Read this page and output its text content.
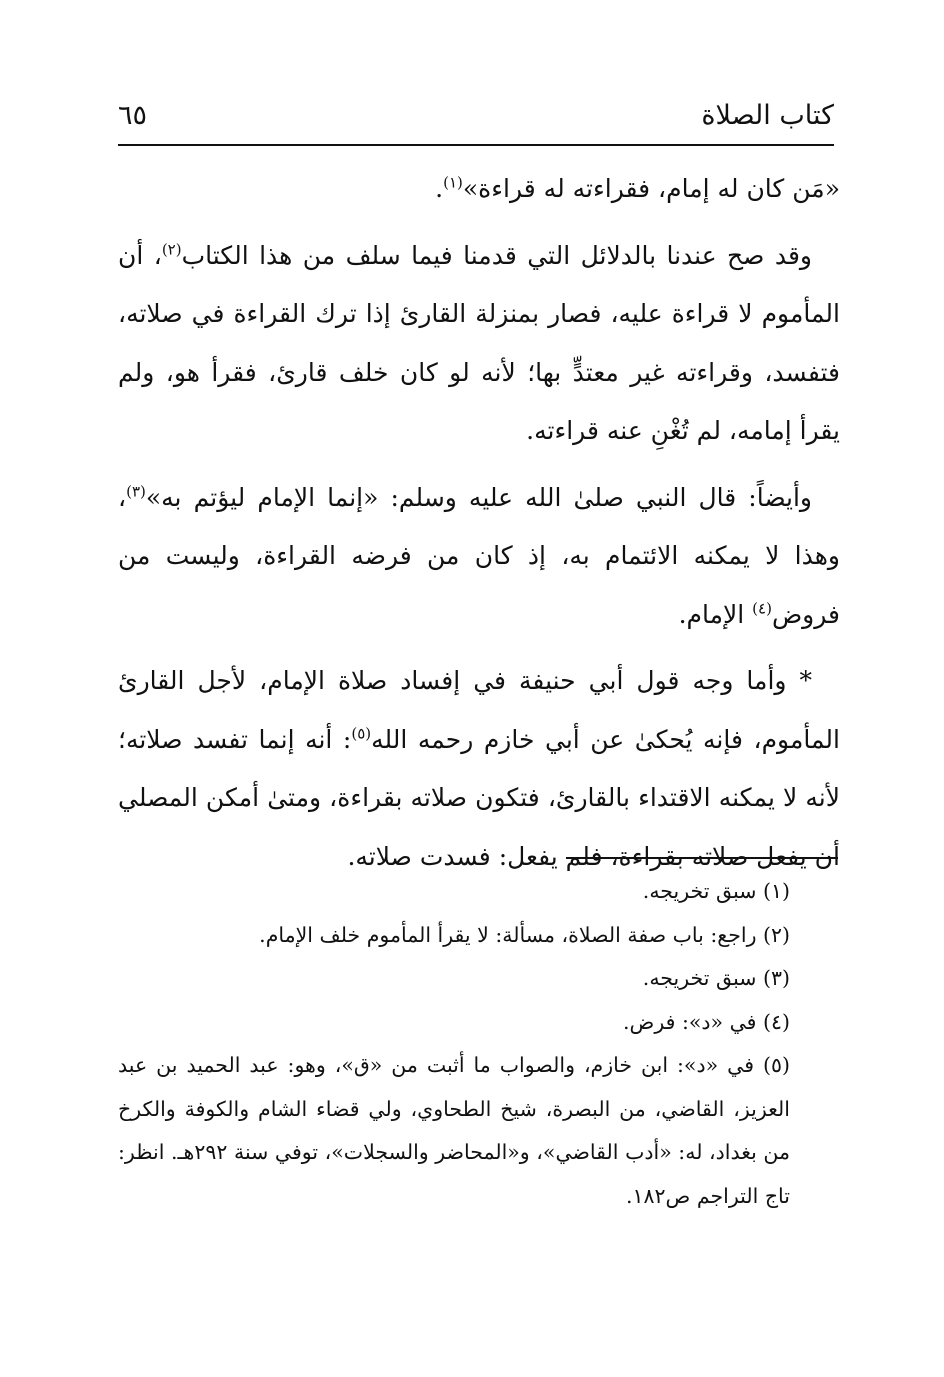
كتاب الصلاة
٦٥

«مَن كان له إمام، فقراءته له قراءة»$^{(١)}$.

وقد صح عندنا بالدلائل التي قدمنا فيما سلف من هذا الكتاب$^{(٢)}$، أن المأموم لا قراءة عليه، فصار بمنزلة القارئ إذا ترك القراءة في صلاته، فتفسد، وقراءته غير معتدٍّ بها؛ لأنه لو كان خلف قارئ، فقرأ هو، ولم يقرأ إمامه، لم تُغْنِ عنه قراءته.

وأيضاً: قال النبي صلىٰ الله عليه وسلم: «إنما الإمام ليؤتم به»$^{(٣)}$، وهذا لا يمكنه الائتمام به، إذ كان من فرضه القراءة، وليست من فروض$^{(٤)}$ الإمام.

* وأما وجه قول أبي حنيفة في إفساد صلاة الإمام، لأجل القارئ المأموم، فإنه يُحكىٰ عن أبي خازم رحمه الله$^{(٥)}$: أنه إنما تفسد صلاته؛ لأنه لا يمكنه الاقتداء بالقارئ، فتكون صلاته بقراءة، ومتىٰ أمكن المصلي أن يفعل صلاته بقراءة، فلم يفعل: فسدت صلاته.

(١) سبق تخريجه.

(٢) راجع: باب صفة الصلاة، مسألة: لا يقرأ المأموم خلف الإمام.

(٣) سبق تخريجه.

(٤) في «د»: فرض.

(٥) في «د»: ابن خازم، والصواب ما أثبت من «ق»، وهو: عبد الحميد بن عبد العزيز، القاضي، من البصرة، شيخ الطحاوي، ولي قضاء الشام والكوفة والكرخ من بغداد، له: «أدب القاضي»، و«المحاضر والسجلات»، توفي سنة ٢٩٢هـ. انظر: تاج التراجم ص١٨٢.
